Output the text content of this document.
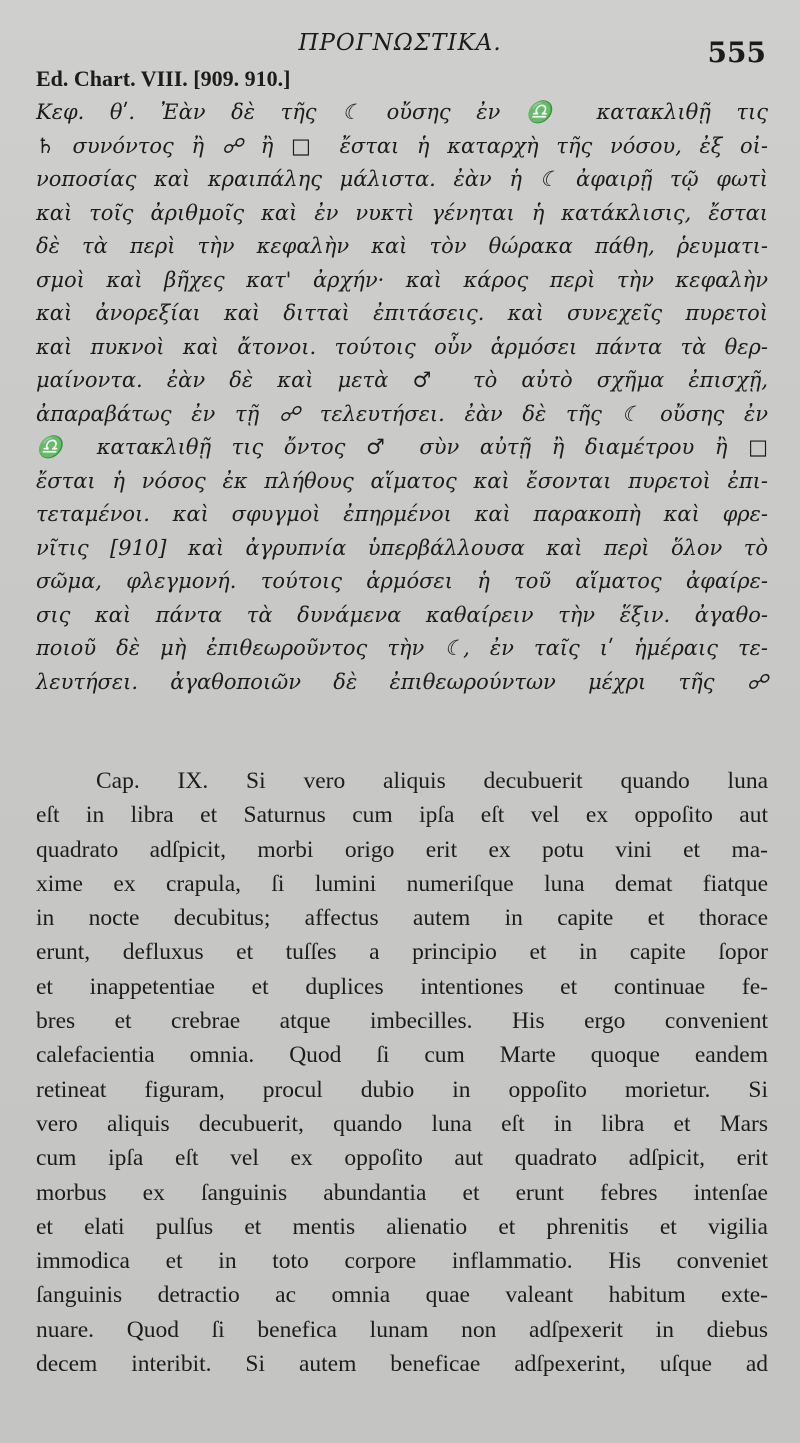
ΠΡΟΓΝΩΣΤΙΚΑ.	555
Ed. Chart. VIII. [909. 910.]
Κεφ. θʹ. Ἐὰν δὲ τῆς ☾ οὔσης ἐν ♎ κατακλιθῇ τις
♄ συνόντος ἢ ☍ ἢ □ ἔσται ἡ καταρχὴ τῆς νόσου, ἐξ οἰ-
νοποσίας καὶ κραιπάλης μάλιστα. ἐὰν ἡ ☾ ἀφαιρῇ τῷ φωτὶ
καὶ τοῖς ἀριθμοῖς καὶ ἐν νυκτὶ γένηται ἡ κατάκλισις, ἔσται
δὲ τὰ περὶ τὴν κεφαλὴν καὶ τὸν θώρακα πάθη, ῥευματι-
σμοὶ καὶ βῆχες κατ' ἀρχήν· καὶ κάρος περὶ τὴν κεφαλὴν
καὶ ἀνορεξίαι καὶ διτταὶ ἐπιτάσεις. καὶ συνεχεῖς πυρετοὶ
καὶ πυκνοὶ καὶ ἄτονοι. τούτοις οὖν ἁρμόσει πάντα τὰ θερ-
μαίνοντα. ἐὰν δὲ καὶ μετὰ ♂ τὸ αὐτὸ σχῆμα ἐπισχῇ,
ἀπαραβάτως ἐν τῇ ☍ τελευτήσει. ἐὰν δὲ τῆς ☾ οὔσης ἐν
♎ κατακλιθῇ τις ὄντος ♂ σὺν αὐτῇ ἢ διαμέτρου ἢ □
ἔσται ἡ νόσος ἐκ πλήθους αἵματος καὶ ἔσονται πυρετοὶ ἐπι-
τεταμένοι. καὶ σφυγμοὶ ἐπηρμένοι καὶ παρακοπὴ καὶ φρε-
νῖτις [910] καὶ ἀγρυπνία ὑπερβάλλουσα καὶ περὶ ὅλον τὸ
σῶμα, φλεγμονή. τούτοις ἁρμόσει ἡ τοῦ αἵματος ἀφαίρε-
σις καὶ πάντα τὰ δυνάμενα καθαίρειν τὴν ἕξιν. ἀγαθο-
ποιοῦ δὲ μὴ ἐπιθεωροῦντος τὴν ☾, ἐν ταῖς ιʹ ἡμέραις τε-
λευτήσει. ἀγαθοποιῶν δὲ ἐπιθεωρούντων μέχρι τῆς ☍
Cap. IX. Si vero aliquis decubuerit quando luna
eſt in libra et Saturnus cum ipſa eſt vel ex oppoſito aut
quadrato adſpicit, morbi origo erit ex potu vini et ma-
xime ex crapula, ſi lumini numeriſque luna demat fiatque
in nocte decubitus; affectus autem in capite et thorace
erunt, defluxus et tuſſes a principio et in capite ſopor
et inappetentiae et duplices intentiones et continuae fe-
bres et crebrae atque imbecilles. His ergo convenient
calefacientia omnia. Quod ſi cum Marte quoque eandem
retineat figuram, procul dubio in oppoſito morietur. Si
vero aliquis decubuerit, quando luna eſt in libra et Mars
cum ipſa eſt vel ex oppoſito aut quadrato adſpicit, erit
morbus ex ſanguinis abundantia et erunt febres intenſae
et elati pulſus et mentis alienatio et phrenitis et vigilia
immodica et in toto corpore inflammatio. His conveniet
ſanguinis detractio ac omnia quae valeant habitum exte-
nuare. Quod ſi benefica lunam non adſpexerit in diebus
decem interibit. Si autem beneficae adſpexerint, uſque ad
